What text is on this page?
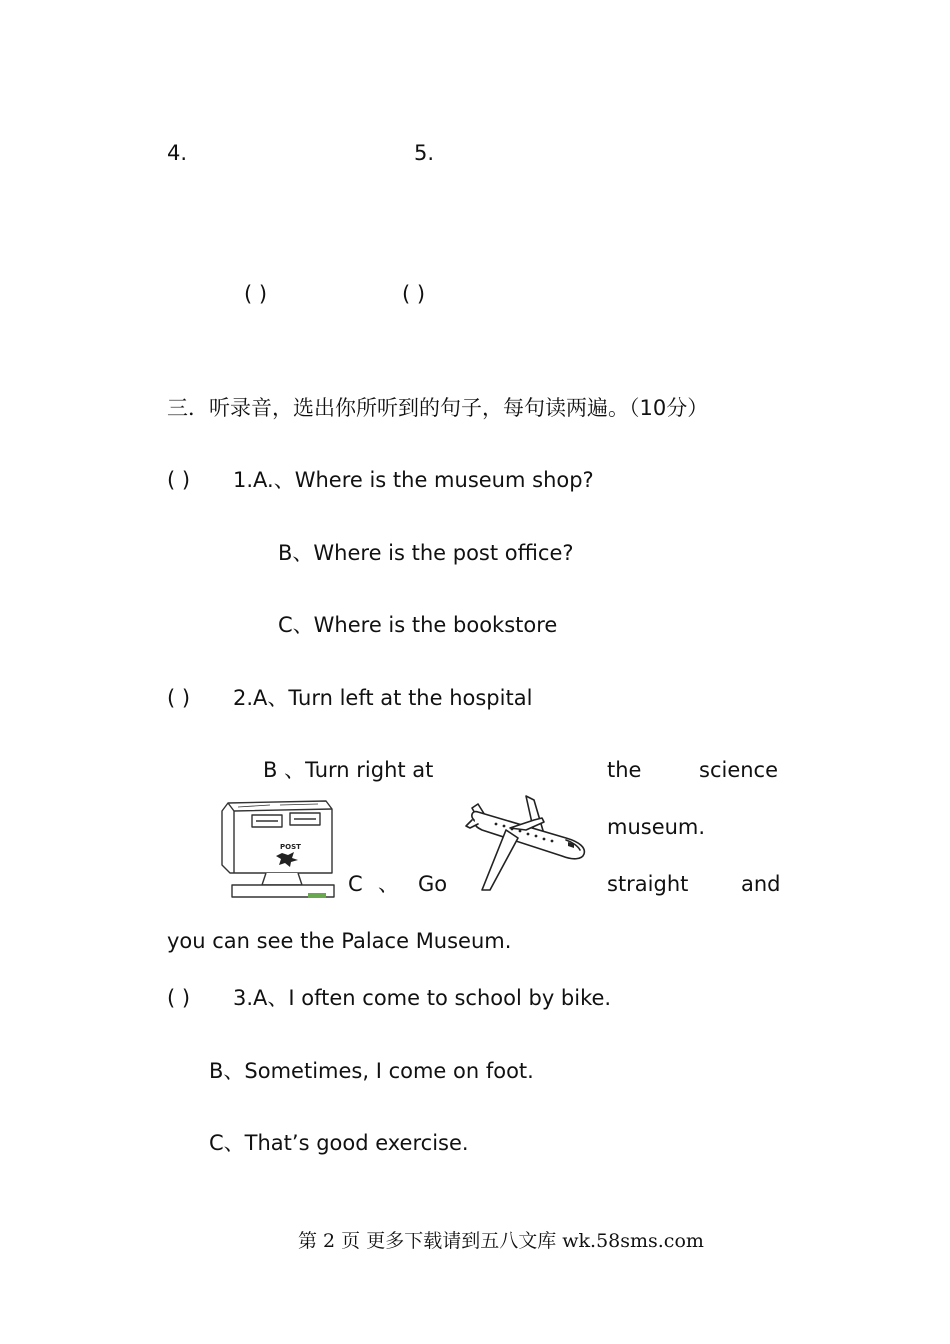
4.	5.
( )	( )
三．听录音，选出你所听到的句子，每句读两遍。（10分）
( ) 1.A.、Where is the museum shop?
B、Where is the post office?
C、Where is the bookstore
( ) 2.A、Turn left at the hospital
B 、Turn right at	the	science
museum.
C 、 Go	straight	and
you can see the Palace Museum.
( ) 3.A、I often come to school by bike.
B、Sometimes, I come on foot.
C、That’s good exercise.
POST
第 2 页 更多下载请到五八文库 wk.58sms.com
